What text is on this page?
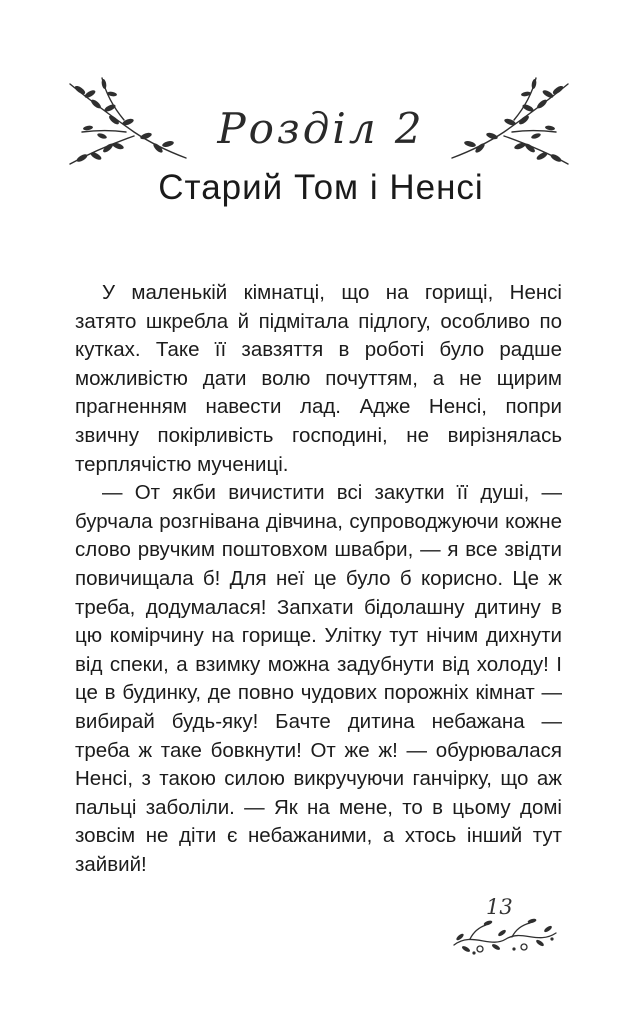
Розділ 2
Старий Том і Ненсі

У маленькій кімнатці, що на горищі, Ненсі затято шкребла й підмітала підлогу, особливо по кутках. Таке її завзяття в роботі було радше можливістю дати волю почуттям, а не щирим прагненням навести лад. Адже Ненсі, попри звичну покірливість господині, не вирізнялась терплячістю мучениці.

— От якби вичистити всі закутки її душі, — бурчала розгнівана дівчина, супроводжуючи кожне слово рвучким поштовхом швабри, — я все звідти повичищала б! Для неї це було б корисно. Це ж треба, додумалася! Запхати бідолашну дитину в цю комірчину на горище. Улітку тут нічим дихнути від спеки, а взимку можна задубнути від холоду! І це в будинку, де повно чудових порожніх кімнат — вибирай будь-яку! Бачте дитина небажана — треба ж таке бовкнути! От же ж! — обурювалася Ненсі, з такою силою викручуючи ганчірку, що аж пальці заболіли. — Як на мене, то в цьому домі зовсім не діти є небажаними, а хтось інший тут зайвий!

13
